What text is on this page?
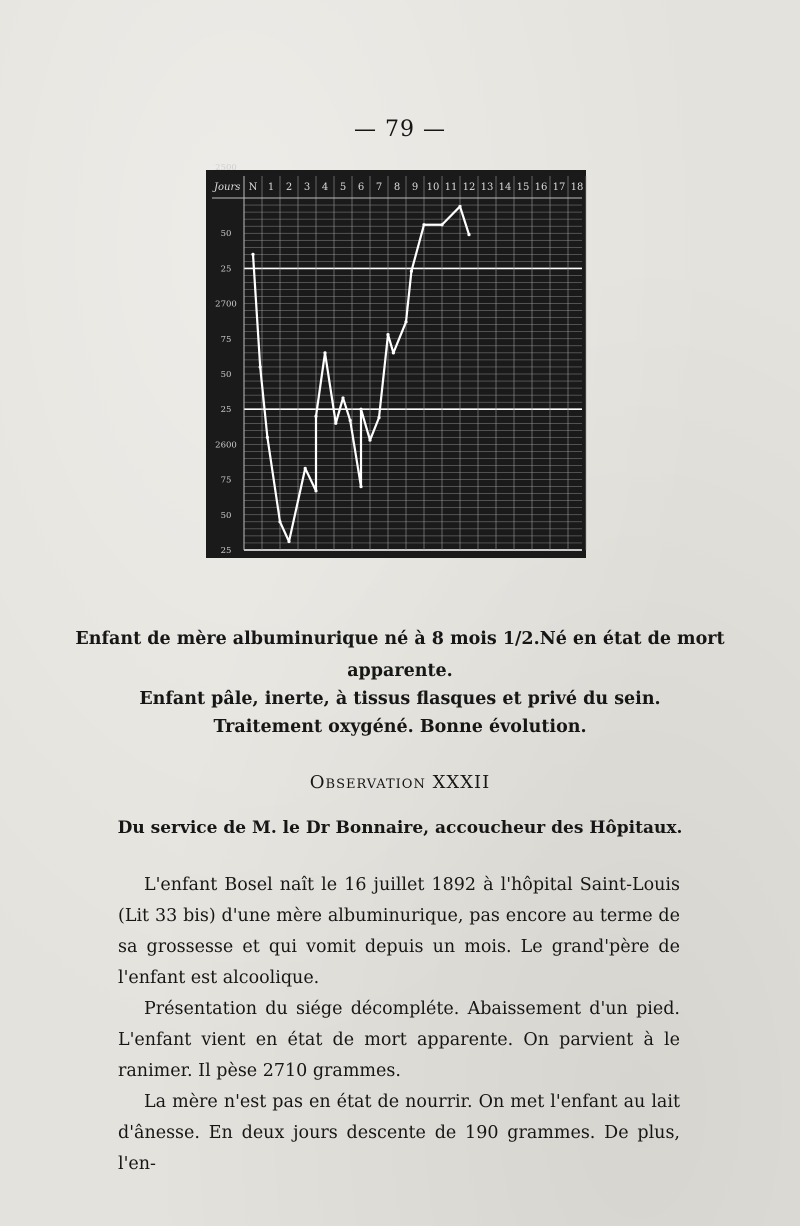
— 79 —
Jours N 1 2 3 4 5 6 7 8 9 10 11 12 13 14 15 16 17 18
50
25
2700
75
50
25
2600
75
50
25
2500
Enfant de mère albuminurique né à 8 mois 1/2.Né en état de mort
apparente.
Enfant pâle, inerte, à tissus flasques et privé du sein.
Traitement oxygéné. Bonne évolution.
Observation XXXII
Du service de M. le Dr Bonnaire, accoucheur des Hôpitaux.

L'enfant Bosel naît le 16 juillet 1892 à l'hôpital Saint-Louis (Lit 33 bis) d'une mère albuminurique, pas encore au terme de sa grossesse et qui vomit depuis un mois. Le grand'père de l'enfant est alcoolique.

Présentation du siége décompléte. Abaissement d'un pied. L'enfant vient en état de mort apparente. On parvient à le ranimer. Il pèse 2710 grammes.

La mère n'est pas en état de nourrir. On met l'enfant au lait d'ânesse. En deux jours descente de 190 grammes. De plus, l'en-
